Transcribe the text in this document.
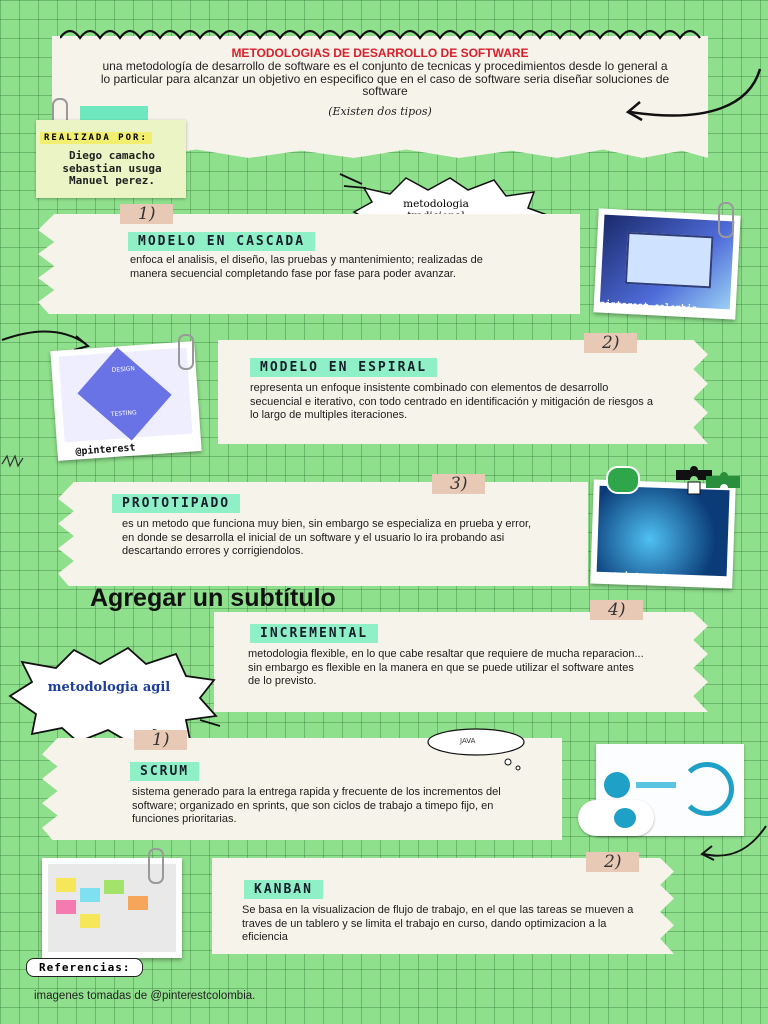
METODOLOGIAS DE DESARROLLO DE SOFTWARE
una metodología de desarrollo de software es el conjunto de tecnicas y procedimientos desde lo general a lo particular para alcanzar un objetivo en especifico que en el caso de software seria diseñar soluciones de software
(Existen dos tipos)
REALIZADA POR:
Diego camacho
sebastian usuga
Manuel perez.
metodologia
1)
MODELO EN CASCADA
enfoca el analisis, el diseño, las pruebas y mantenimiento; realizadas de manera secuencial completando fase por fase para poder avanzar.
pinterest colombia
2)
MODELO EN ESPIRAL
representa un enfoque insistente combinado con elementos de desarrollo secuencial e iterativo, con todo centrado en identificación y mitigación de riesgos a lo largo de multiples iteraciones.
DESIGN
TESTING
@pinterest
3)
PROTOTIPADO
es un metodo que funciona muy bien, sin embargo se especializa en prueba y error, en donde se desarrolla el inicial de un software y el usuario lo ira probando asi descartando errores y corrigiendolos.
@pinterest
Agregar un subtítulo	4)
INCREMENTAL
metodologia flexible, en lo que cabe resaltar que requiere de mucha reparacion... sin embargo es flexible en la manera en que se puede utilizar el software antes de lo previsto.
metodologia agil
1)
SCRUM
sistema generado para la entrega rapida y frecuente de los incrementos del software; organizado en sprints, que son ciclos de trabajo a timepo fijo, en funciones prioritarias.
JAVA
2)
KANBAN
Se basa en la visualizacion de flujo de trabajo, en el que las tareas se mueven a traves de un tablero y se limita el trabajo en curso, dando optimizacion a la eficiencia
Referencias:
imagenes tomadas de @pinterestcolombia.
